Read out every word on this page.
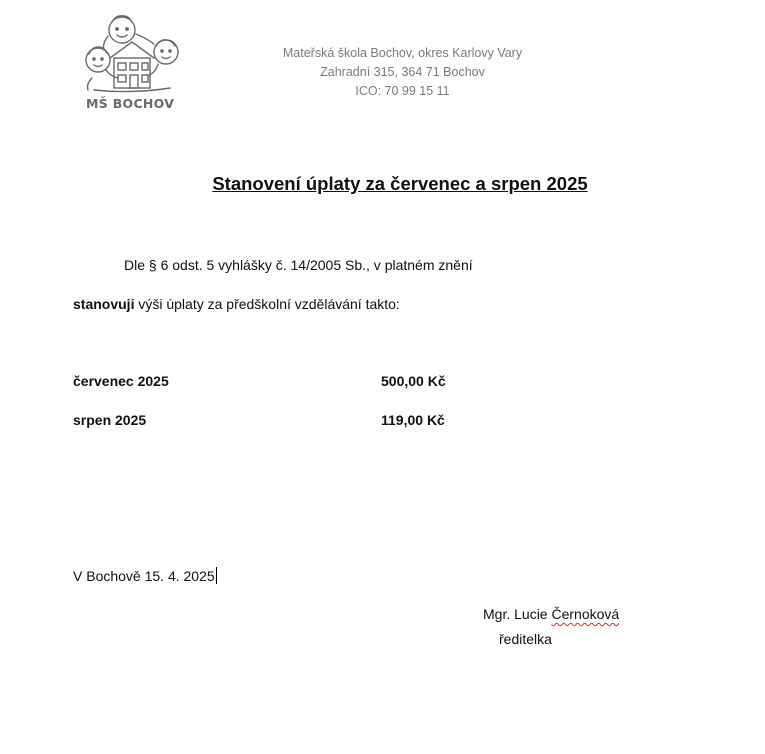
MŠ BOCHOV
Mateřská škola Bochov, okres Karlovy Vary
Zahradní 315, 364 71 Bochov
ICO: 70 99 15 11
Stanovení úplaty za červenec a srpen 2025
Dle § 6 odst. 5 vyhlášky č. 14/2005 Sb., v platném znění
stanovuji výši úplaty za předškolní vzdělávání takto:
červenec 2025	500,00 Kč
srpen 2025	119,00 Kč
V Bochově 15. 4. 2025
Mgr. Lucie Černoková
ředitelka
